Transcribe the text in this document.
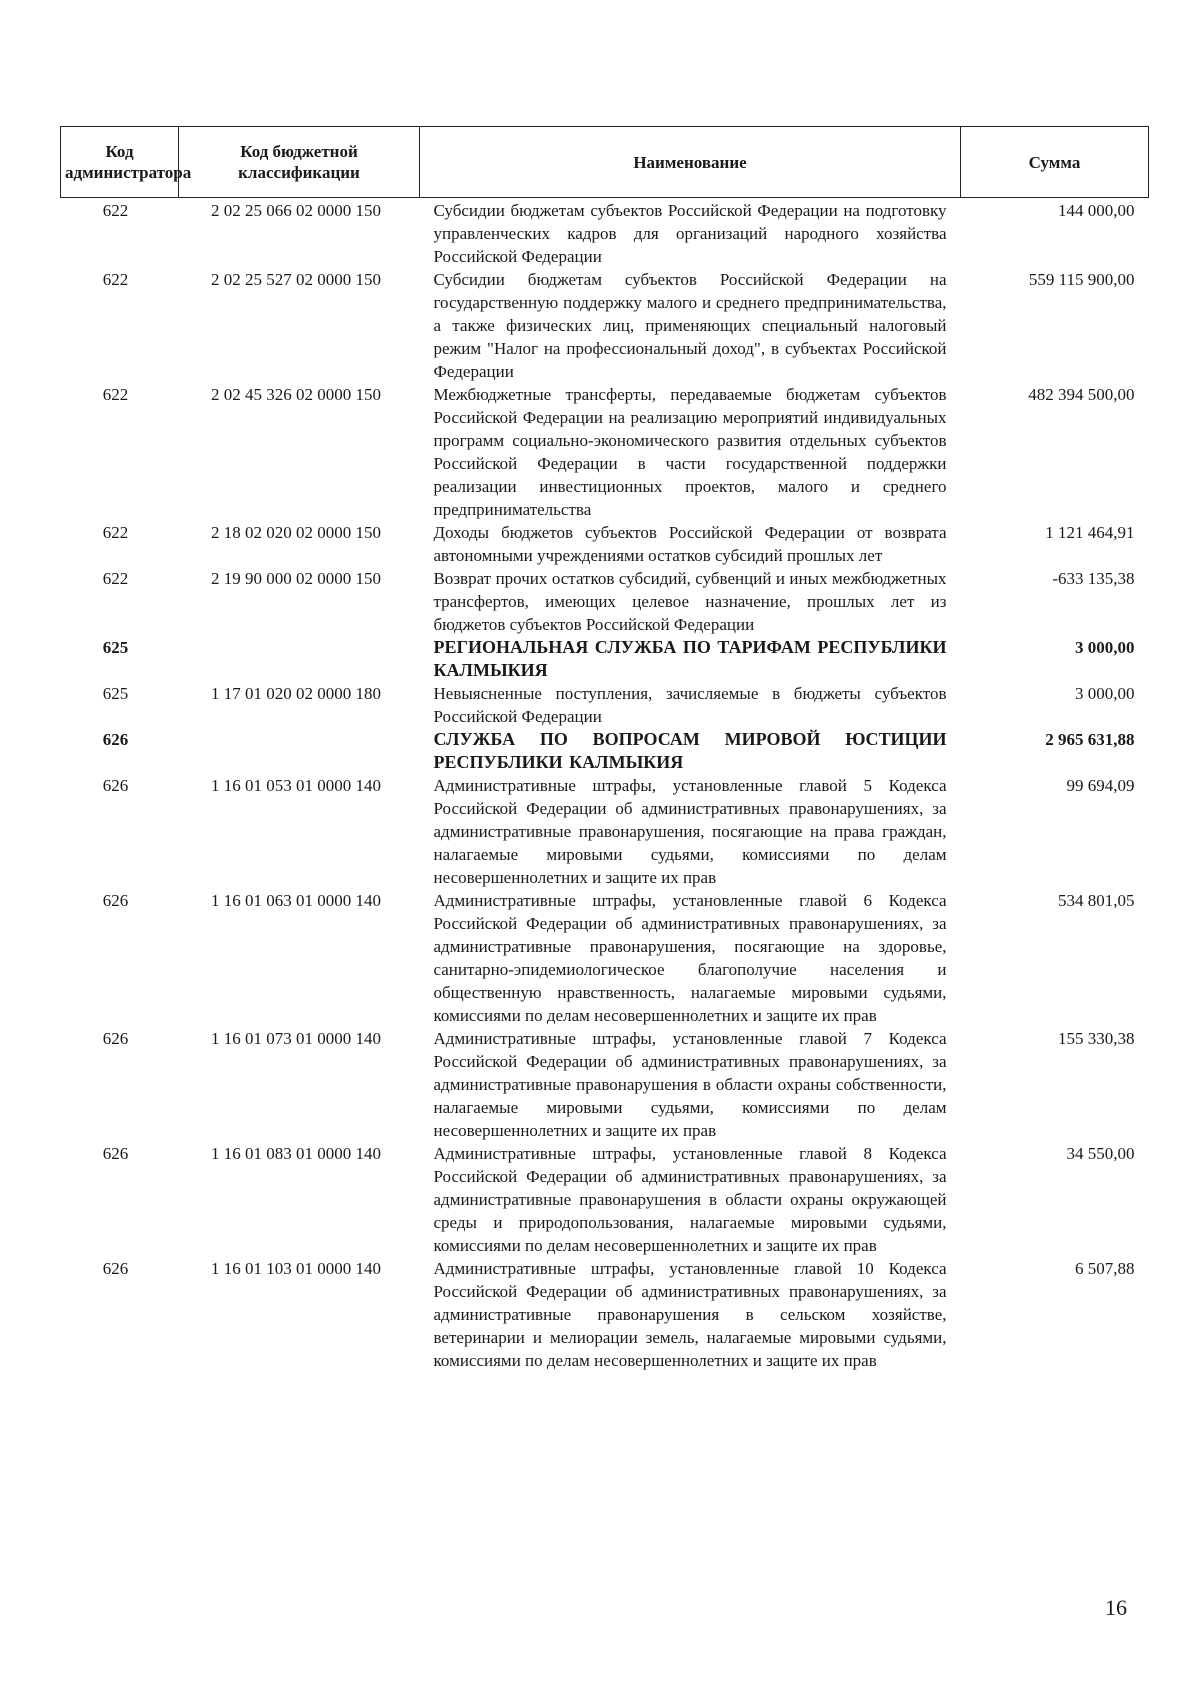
Код администратора	Код бюджетной классификации	Наименование	Сумма
622	2 02 25 066 02 0000 150	Субсидии бюджетам субъектов Российской Федерации на подготовку управленческих кадров для организаций народного хозяйства Российской Федерации	144 000,00
622	2 02 25 527 02 0000 150	Субсидии бюджетам субъектов Российской Федерации на государственную поддержку малого и среднего предпринимательства, а также физических лиц, применяющих специальный налоговый режим "Налог на профессиональный доход", в субъектах Российской Федерации	559 115 900,00
622	2 02 45 326 02 0000 150	Межбюджетные трансферты, передаваемые бюджетам субъектов Российской Федерации на реализацию мероприятий индивидуальных программ социально-экономического развития отдельных субъектов Российской Федерации в части государственной поддержки реализации инвестиционных проектов, малого и среднего предпринимательства	482 394 500,00
622	2 18 02 020 02 0000 150	Доходы бюджетов субъектов Российской Федерации от возврата автономными учреждениями остатков субсидий прошлых лет	1 121 464,91
622	2 19 90 000 02 0000 150	Возврат прочих остатков субсидий, субвенций и иных межбюджетных трансфертов, имеющих целевое назначение, прошлых лет из бюджетов субъектов Российской Федерации	-633 135,38
625		РЕГИОНАЛЬНАЯ СЛУЖБА ПО ТАРИФАМ РЕСПУБЛИКИ КАЛМЫКИЯ	3 000,00
625	1 17 01 020 02 0000 180	Невыясненные поступления, зачисляемые в бюджеты субъектов Российской Федерации	3 000,00
626		СЛУЖБА ПО ВОПРОСАМ МИРОВОЙ ЮСТИЦИИ РЕСПУБЛИКИ КАЛМЫКИЯ	2 965 631,88
626	1 16 01 053 01 0000 140	Административные штрафы, установленные главой 5 Кодекса Российской Федерации об административных правонарушениях, за административные правонарушения, посягающие на права граждан, налагаемые мировыми судьями, комиссиями по делам несовершеннолетних и защите их прав	99 694,09
626	1 16 01 063 01 0000 140	Административные штрафы, установленные главой 6 Кодекса Российской Федерации об административных правонарушениях, за административные правонарушения, посягающие на здоровье, санитарно-эпидемиологическое благополучие населения и общественную нравственность, налагаемые мировыми судьями, комиссиями по делам несовершеннолетних и защите их прав	534 801,05
626	1 16 01 073 01 0000 140	Административные штрафы, установленные главой 7 Кодекса Российской Федерации об административных правонарушениях, за административные правонарушения в области охраны собственности, налагаемые мировыми судьями, комиссиями по делам несовершеннолетних и защите их прав	155 330,38
626	1 16 01 083 01 0000 140	Административные штрафы, установленные главой 8 Кодекса Российской Федерации об административных правонарушениях, за административные правонарушения в области охраны окружающей среды и природопользования, налагаемые мировыми судьями, комиссиями по делам несовершеннолетних и защите их прав	34 550,00
626	1 16 01 103 01 0000 140	Административные штрафы, установленные главой 10 Кодекса Российской Федерации об административных правонарушениях, за административные правонарушения в сельском хозяйстве, ветеринарии и мелиорации земель, налагаемые мировыми судьями, комиссиями по делам несовершеннолетних и защите их прав	6 507,88
16
